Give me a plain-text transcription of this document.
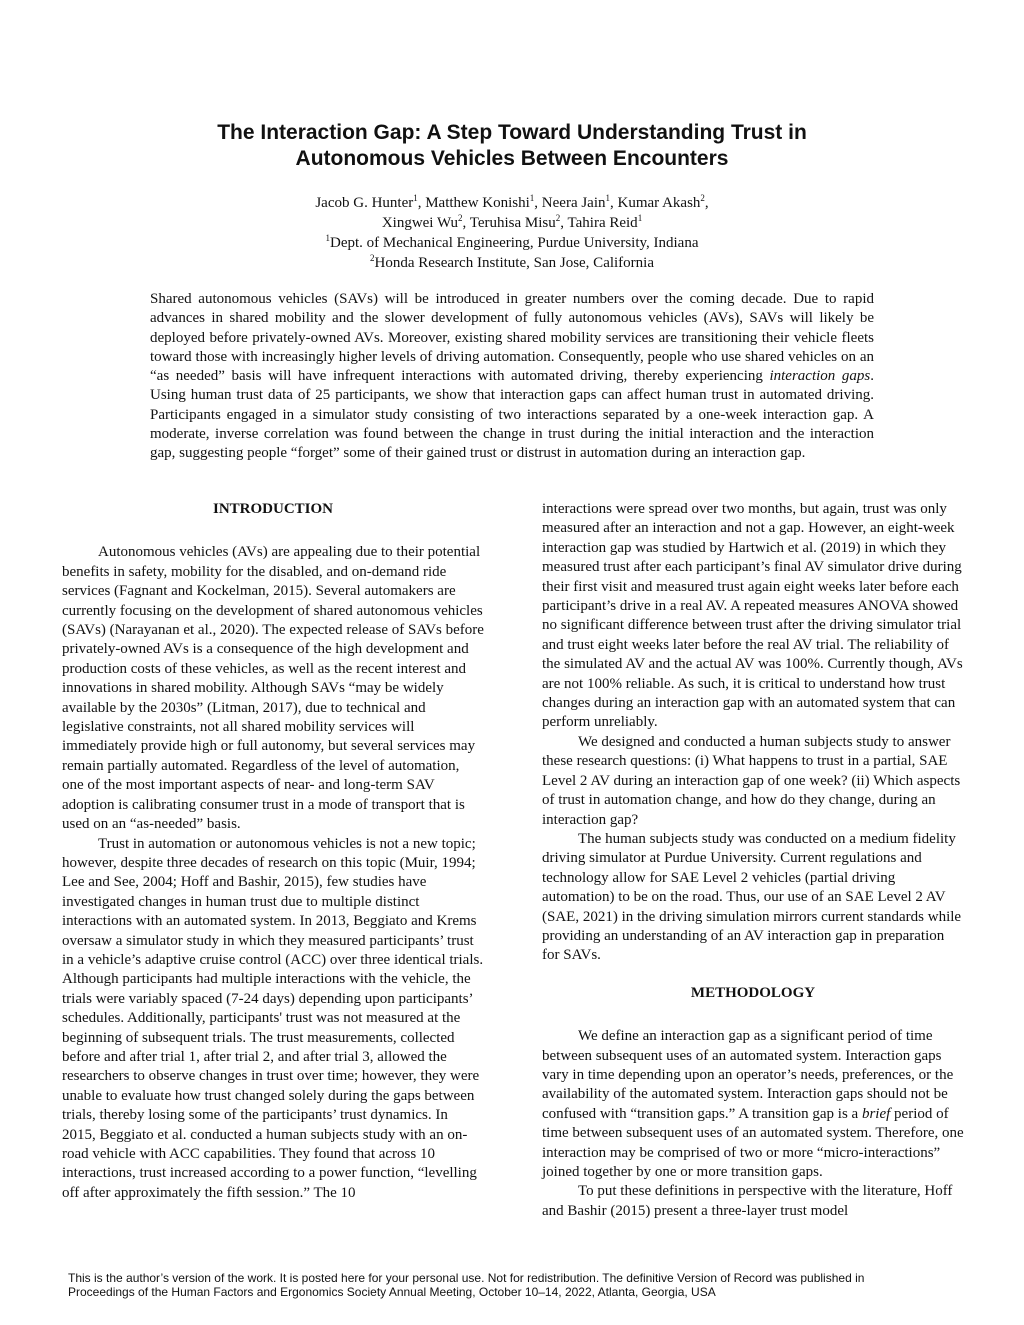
The Interaction Gap: A Step Toward Understanding Trust in
Autonomous Vehicles Between Encounters
Jacob G. Hunter$^1$, Matthew Konishi$^1$, Neera Jain$^1$, Kumar Akash$^2$,
Xingwei Wu$^2$, Teruhisa Misu$^2$, Tahira Reid$^1$
$^1$Dept. of Mechanical Engineering, Purdue University, Indiana
$^2$Honda Research Institute, San Jose, California

Shared autonomous vehicles (SAVs) will be introduced in greater numbers over the coming decade. Due to rapid advances in shared mobility and the slower development of fully autonomous vehicles (AVs), SAVs will likely be deployed before privately-owned AVs. Moreover, existing shared mobility services are transitioning their vehicle fleets toward those with increasingly higher levels of driving automation. Consequently, people who use shared vehicles on an “as needed” basis will have infrequent interactions with automated driving, thereby experiencing interaction gaps. Using human trust data of 25 participants, we show that interaction gaps can affect human trust in automated driving. Participants engaged in a simulator study consisting of two interactions separated by a one-week interaction gap. A moderate, inverse correlation was found between the change in trust during the initial interaction and the interaction gap, suggesting people “forget” some of their gained trust or distrust in automation during an interaction gap.

INTRODUCTION

Autonomous vehicles (AVs) are appealing due to their potential benefits in safety, mobility for the disabled, and on-demand ride services (Fagnant and Kockelman, 2015). Several automakers are currently focusing on the development of shared autonomous vehicles (SAVs) (Narayanan et al., 2020). The expected release of SAVs before privately-owned AVs is a consequence of the high development and production costs of these vehicles, as well as the recent interest and innovations in shared mobility. Although SAVs “may be widely available by the 2030s” (Litman, 2017), due to technical and legislative constraints, not all shared mobility services will immediately provide high or full autonomy, but several services may remain partially automated. Regardless of the level of automation, one of the most important aspects of near- and long-term SAV adoption is calibrating consumer trust in a mode of transport that is used on an “as-needed” basis.

Trust in automation or autonomous vehicles is not a new topic; however, despite three decades of research on this topic (Muir, 1994; Lee and See, 2004; Hoff and Bashir, 2015), few studies have investigated changes in human trust due to multiple distinct interactions with an automated system. In 2013, Beggiato and Krems oversaw a simulator study in which they measured participants’ trust in a vehicle’s adaptive cruise control (ACC) over three identical trials. Although participants had multiple interactions with the vehicle, the trials were variably spaced (7-24 days) depending upon participants’ schedules. Additionally, participants' trust was not measured at the beginning of subsequent trials. The trust measurements, collected before and after trial 1, after trial 2, and after trial 3, allowed the researchers to observe changes in trust over time; however, they were unable to evaluate how trust changed solely during the gaps between trials, thereby losing some of the participants’ trust dynamics. In 2015, Beggiato et al. conducted a human subjects study with an on-road vehicle with ACC capabilities. They found that across 10 interactions, trust increased according to a power function, “levelling off after approximately the fifth session.” The 10

interactions were spread over two months, but again, trust was only measured after an interaction and not a gap. However, an eight-week interaction gap was studied by Hartwich et al. (2019) in which they measured trust after each participant’s final AV simulator drive during their first visit and measured trust again eight weeks later before each participant’s drive in a real AV. A repeated measures ANOVA showed no significant difference between trust after the driving simulator trial and trust eight weeks later before the real AV trial. The reliability of the simulated AV and the actual AV was 100%. Currently though, AVs are not 100% reliable. As such, it is critical to understand how trust changes during an interaction gap with an automated system that can perform unreliably.

We designed and conducted a human subjects study to answer these research questions: (i) What happens to trust in a partial, SAE Level 2 AV during an interaction gap of one week? (ii) Which aspects of trust in automation change, and how do they change, during an interaction gap?

The human subjects study was conducted on a medium fidelity driving simulator at Purdue University. Current regulations and technology allow for SAE Level 2 vehicles (partial driving automation) to be on the road. Thus, our use of an SAE Level 2 AV (SAE, 2021) in the driving simulation mirrors current standards while providing an understanding of an AV interaction gap in preparation for SAVs.

METHODOLOGY

We define an interaction gap as a significant period of time between subsequent uses of an automated system. Interaction gaps vary in time depending upon an operator’s needs, preferences, or the availability of the automated system. Interaction gaps should not be confused with “transition gaps.” A transition gap is a brief period of time between subsequent uses of an automated system. Therefore, one interaction may be comprised of two or more “micro-interactions” joined together by one or more transition gaps.

To put these definitions in perspective with the literature, Hoff and Bashir (2015) present a three-layer trust model

This is the author’s version of the work. It is posted here for your personal use. Not for redistribution. The definitive Version of Record was published in
Proceedings of the Human Factors and Ergonomics Society Annual Meeting, October 10–14, 2022, Atlanta, Georgia, USA
